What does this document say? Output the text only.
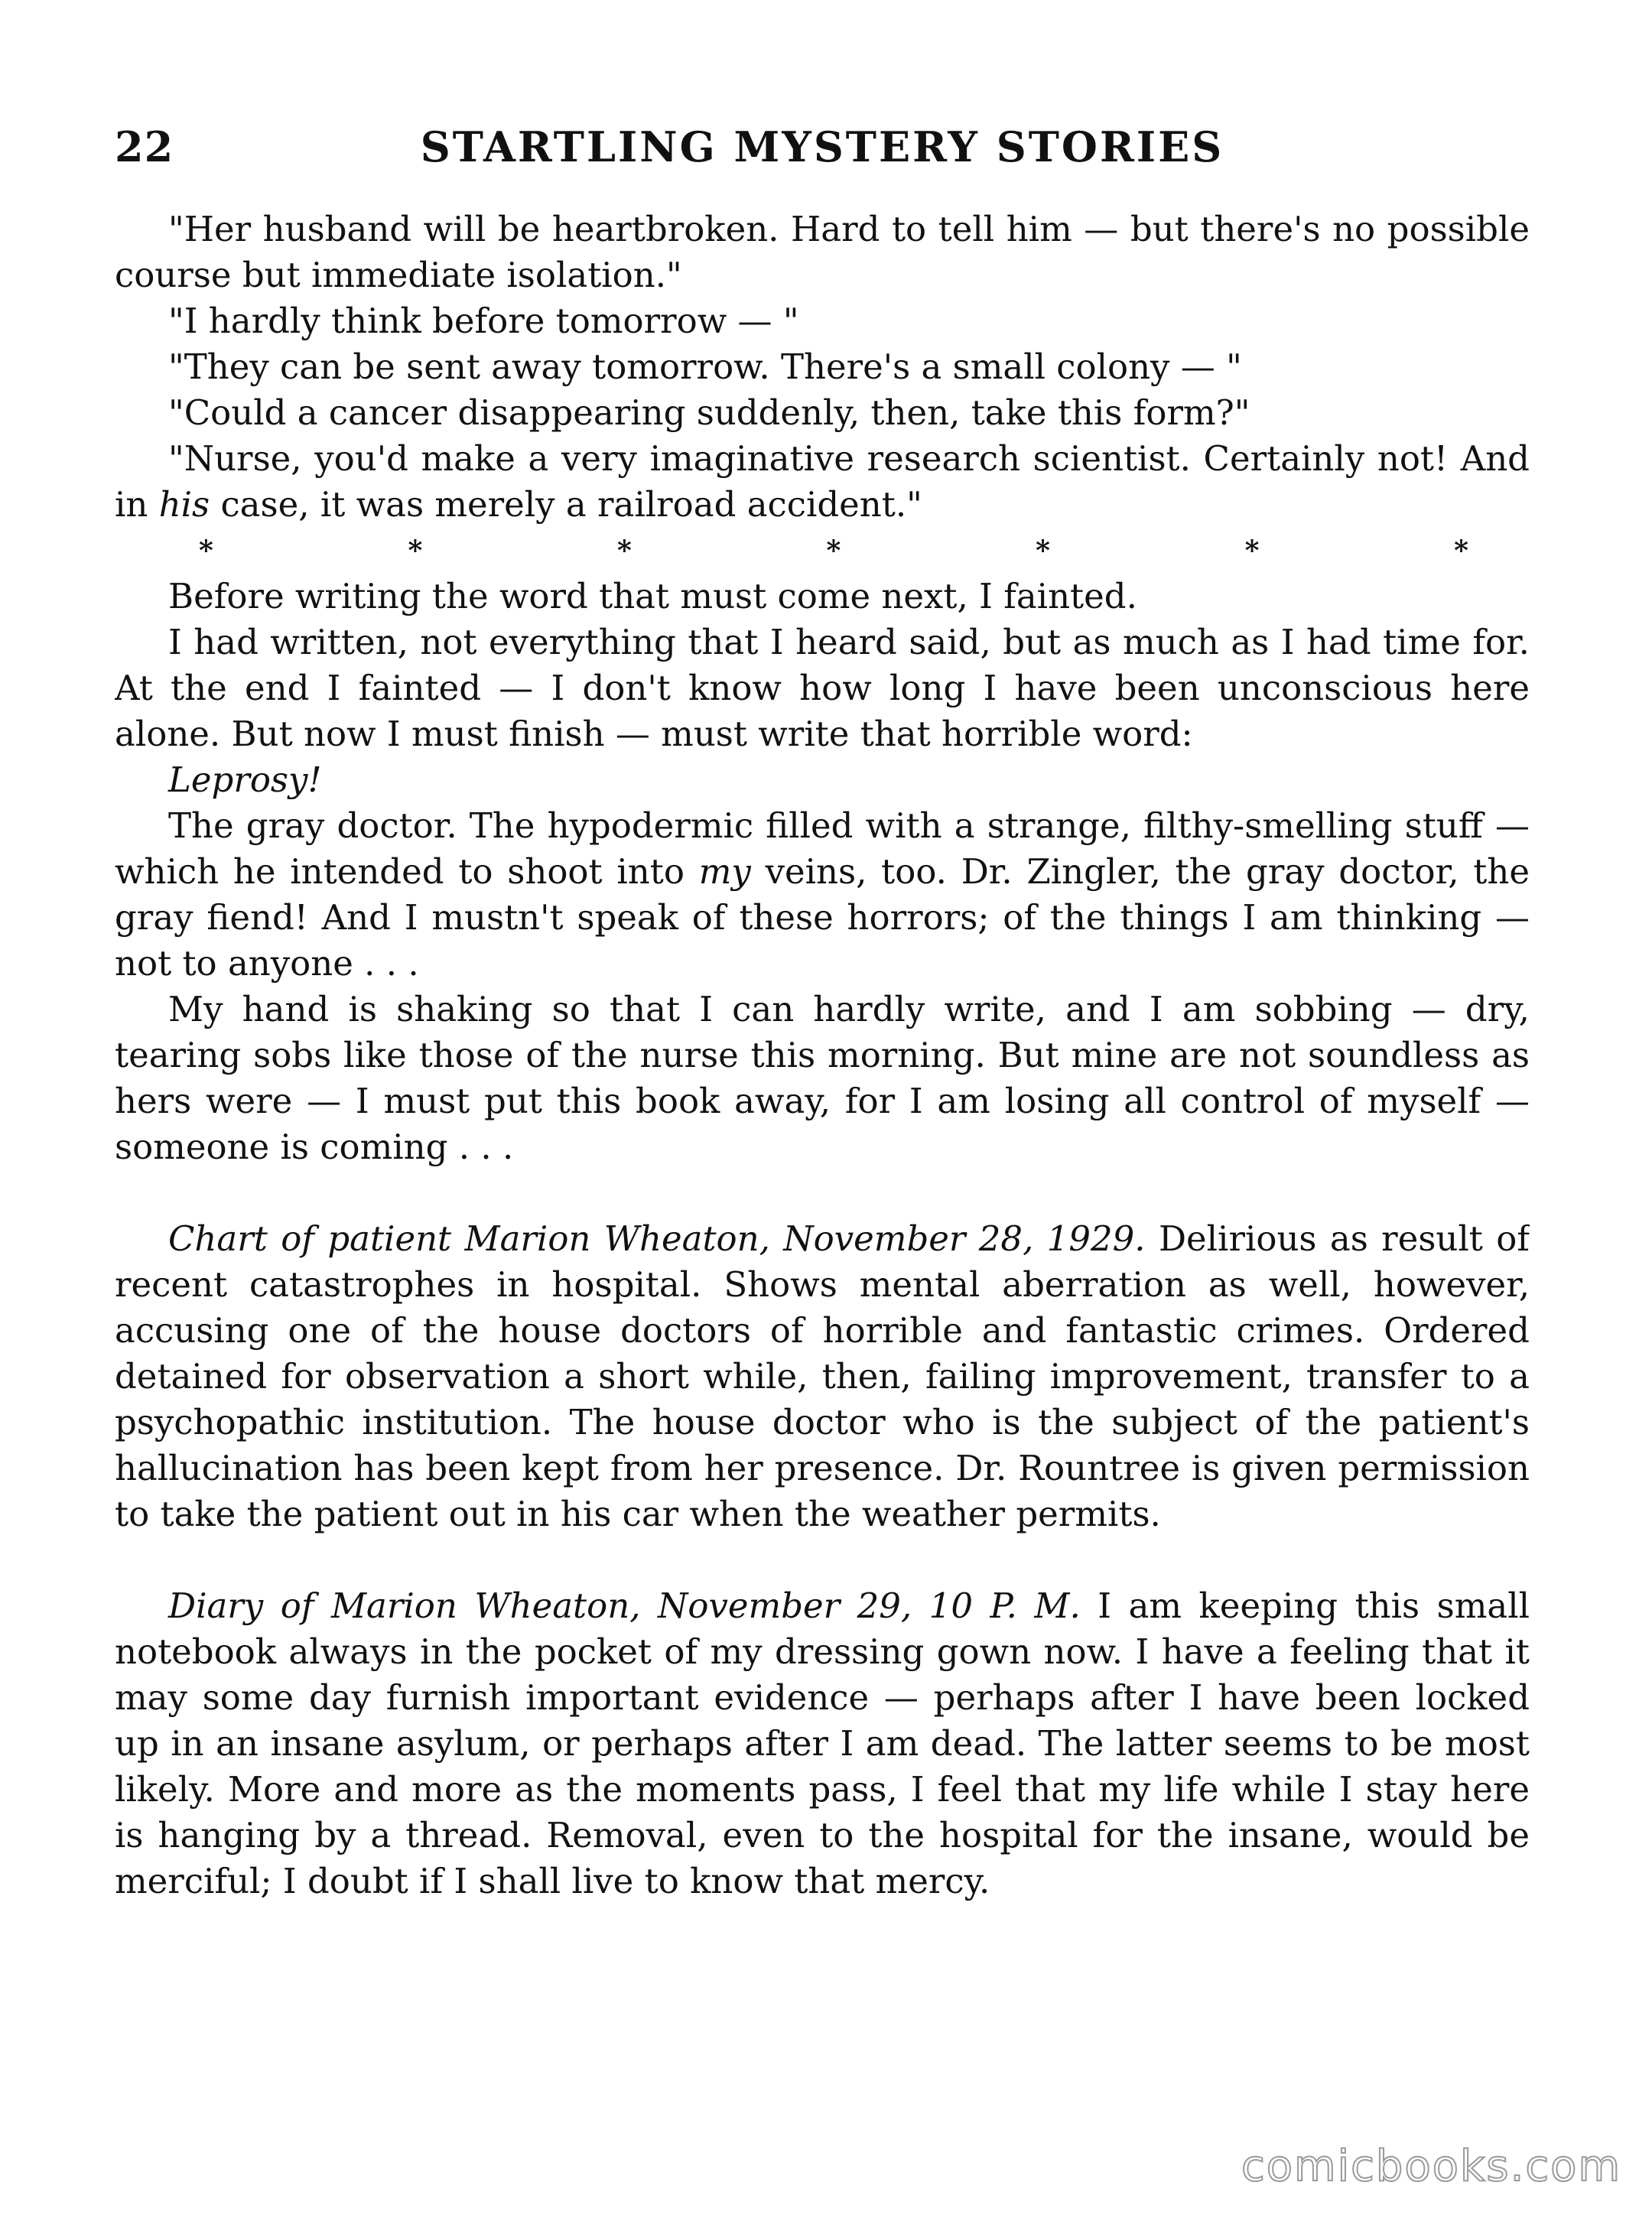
22	STARTLING MYSTERY STORIES

"Her husband will be heartbroken. Hard to tell him — but there's no possible course but immediate isolation."

"I hardly think before tomorrow — "

"They can be sent away tomorrow. There's a small colony — "

"Could a cancer disappearing suddenly, then, take this form?"

"Nurse, you'd make a very imaginative research scientist. Certainly not! And in his case, it was merely a railroad accident."

*	*	*	*	*	*	*

Before writing the word that must come next, I fainted.

I had written, not everything that I heard said, but as much as I had time for. At the end I fainted — I don't know how long I have been unconscious here alone. But now I must finish — must write that horrible word:

Leprosy!

The gray doctor. The hypodermic filled with a strange, filthy-smelling stuff — which he intended to shoot into my veins, too. Dr. Zingler, the gray doctor, the gray fiend! And I mustn't speak of these horrors; of the things I am thinking — not to anyone . . .

My hand is shaking so that I can hardly write, and I am sobbing — dry, tearing sobs like those of the nurse this morning. But mine are not soundless as hers were — I must put this book away, for I am losing all control of myself — someone is coming . . .

Chart of patient Marion Wheaton, November 28, 1929. Delirious as result of recent catastrophes in hospital. Shows mental aberration as well, however, accusing one of the house doctors of horrible and fantastic crimes. Ordered detained for observation a short while, then, failing improvement, transfer to a psychopathic institution. The house doctor who is the subject of the patient's hallucination has been kept from her presence. Dr. Rountree is given permission to take the patient out in his car when the weather permits.

Diary of Marion Wheaton, November 29, 10 P. M. I am keeping this small notebook always in the pocket of my dressing gown now. I have a feeling that it may some day furnish important evidence — perhaps after I have been locked up in an insane asylum, or perhaps after I am dead. The latter seems to be most likely. More and more as the moments pass, I feel that my life while I stay here is hanging by a thread. Removal, even to the hospital for the insane, would be merciful; I doubt if I shall live to know that mercy.

comicbooks.com
